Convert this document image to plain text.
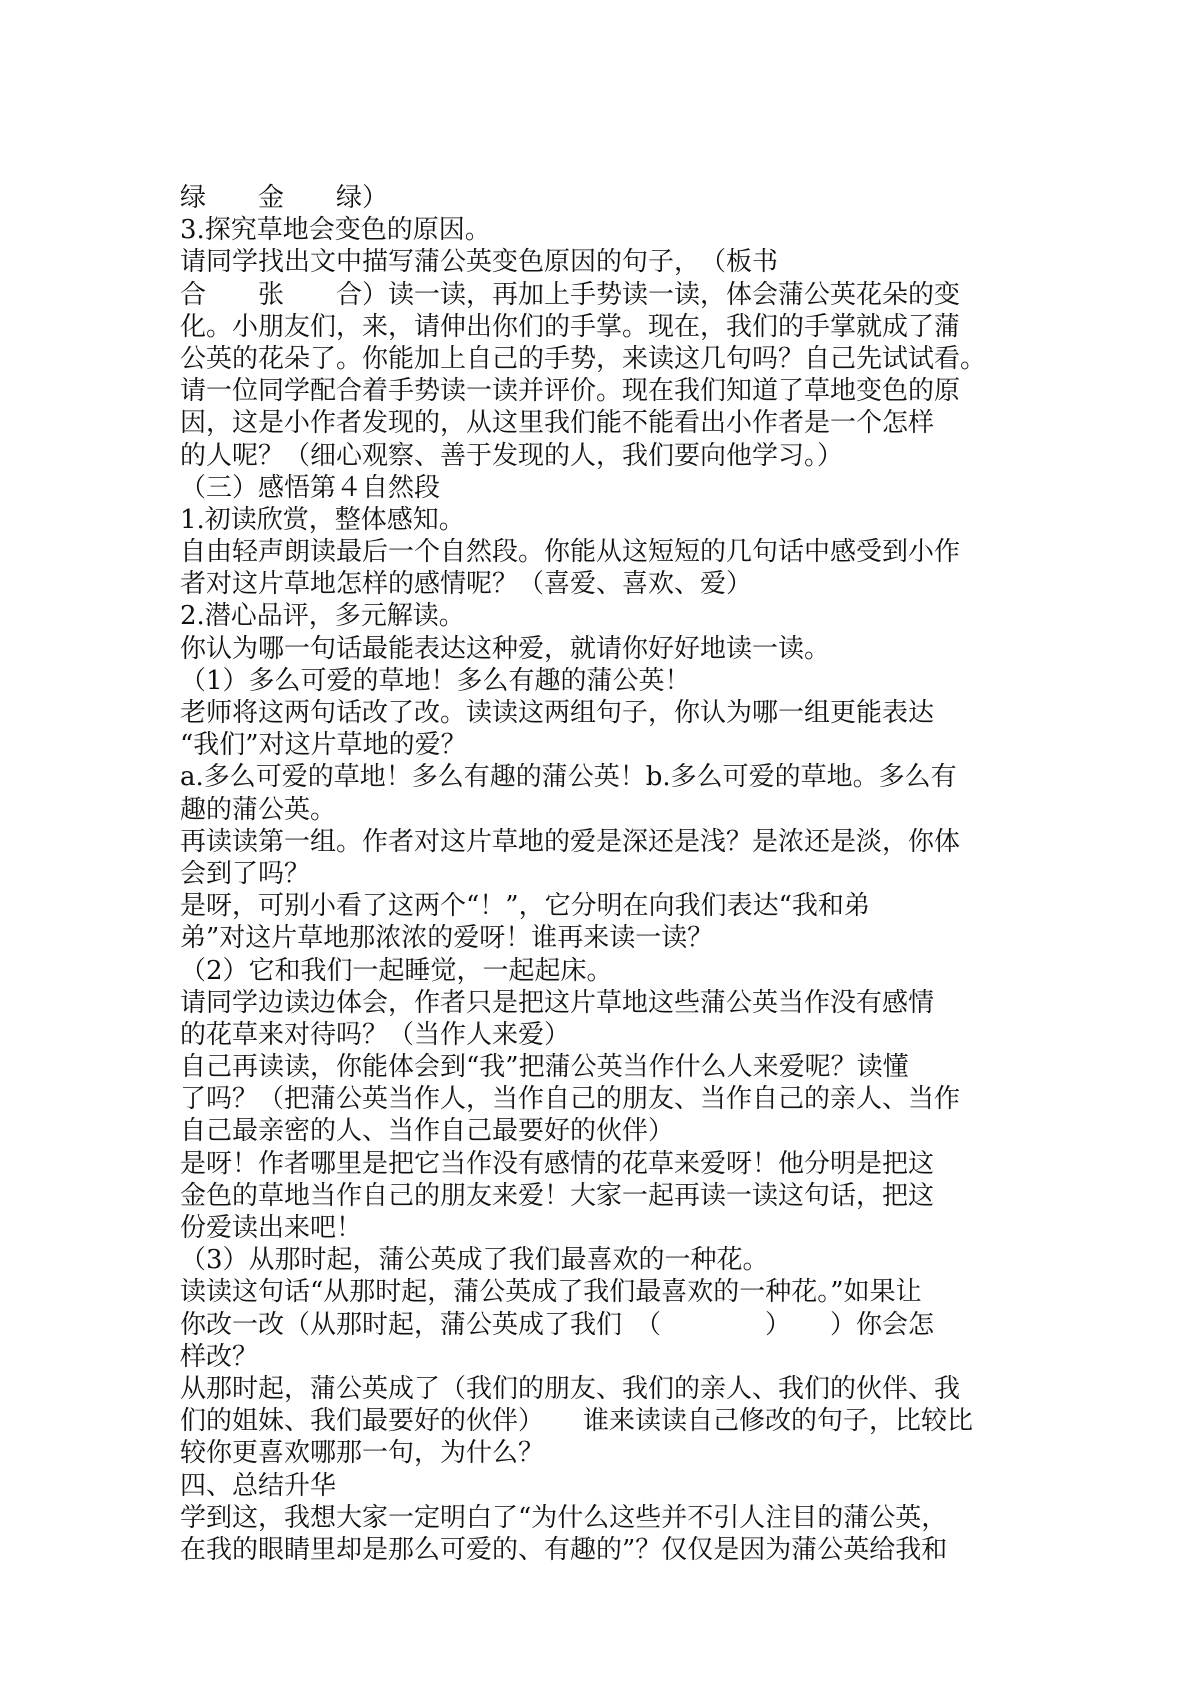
绿　　金　　绿）
3.探究草地会变色的原因。
请同学找出文中描写蒲公英变色原因的句子，　（板书
合　　张　　合）读一读，再加上手势读一读，体会蒲公英花朵的变
化。小朋友们，来，请伸出你们的手掌。现在，我们的手掌就成了蒲
公英的花朵了。你能加上自己的手势，来读这几句吗？自己先试试看。
请一位同学配合着手势读一读并评价。现在我们知道了草地变色的原
因，这是小作者发现的，从这里我们能不能看出小作者是一个怎样
的人呢？（细心观察、善于发现的人，我们要向他学习。）
（三）感悟第４自然段
1.初读欣赏，整体感知。
自由轻声朗读最后一个自然段。你能从这短短的几句话中感受到小作
者对这片草地怎样的感情呢？（喜爱、喜欢、爱）
2.潜心品评，多元解读。
你认为哪一句话最能表达这种爱，就请你好好地读一读。
（1）多么可爱的草地！多么有趣的蒲公英！
老师将这两句话改了改。读读这两组句子，你认为哪一组更能表达
“我们”对这片草地的爱？
a.多么可爱的草地！多么有趣的蒲公英！b.多么可爱的草地。多么有
趣的蒲公英。
再读读第一组。作者对这片草地的爱是深还是浅？是浓还是淡，你体
会到了吗？
是呀，可别小看了这两个“！”，它分明在向我们表达“我和弟
弟”对这片草地那浓浓的爱呀！谁再来读一读？
（2）它和我们一起睡觉，一起起床。
请同学边读边体会，作者只是把这片草地这些蒲公英当作没有感情
的花草来对待吗？（当作人来爱）
自己再读读，你能体会到“我”把蒲公英当作什么人来爱呢？读懂
了吗？（把蒲公英当作人，当作自己的朋友、当作自己的亲人、当作
自己最亲密的人、当作自己最要好的伙伴）
是呀！作者哪里是把它当作没有感情的花草来爱呀！他分明是把这
金色的草地当作自己的朋友来爱！大家一起再读一读这句话，把这
份爱读出来吧！
（3）从那时起，蒲公英成了我们最喜欢的一种花。
读读这句话“从那时起，蒲公英成了我们最喜欢的一种花。”如果让
你改一改（从那时起，蒲公英成了我们　（　　　　）　　）你会怎
样改？
从那时起，蒲公英成了（我们的朋友、我们的亲人、我们的伙伴、我
们的姐妹、我们最要好的伙伴）　　谁来读读自己修改的句子，比较比
较你更喜欢哪那一句，为什么？
四、总结升华
学到这，我想大家一定明白了“为什么这些并不引人注目的蒲公英，
在我的眼睛里却是那么可爱的、有趣的”？仅仅是因为蒲公英给我和
